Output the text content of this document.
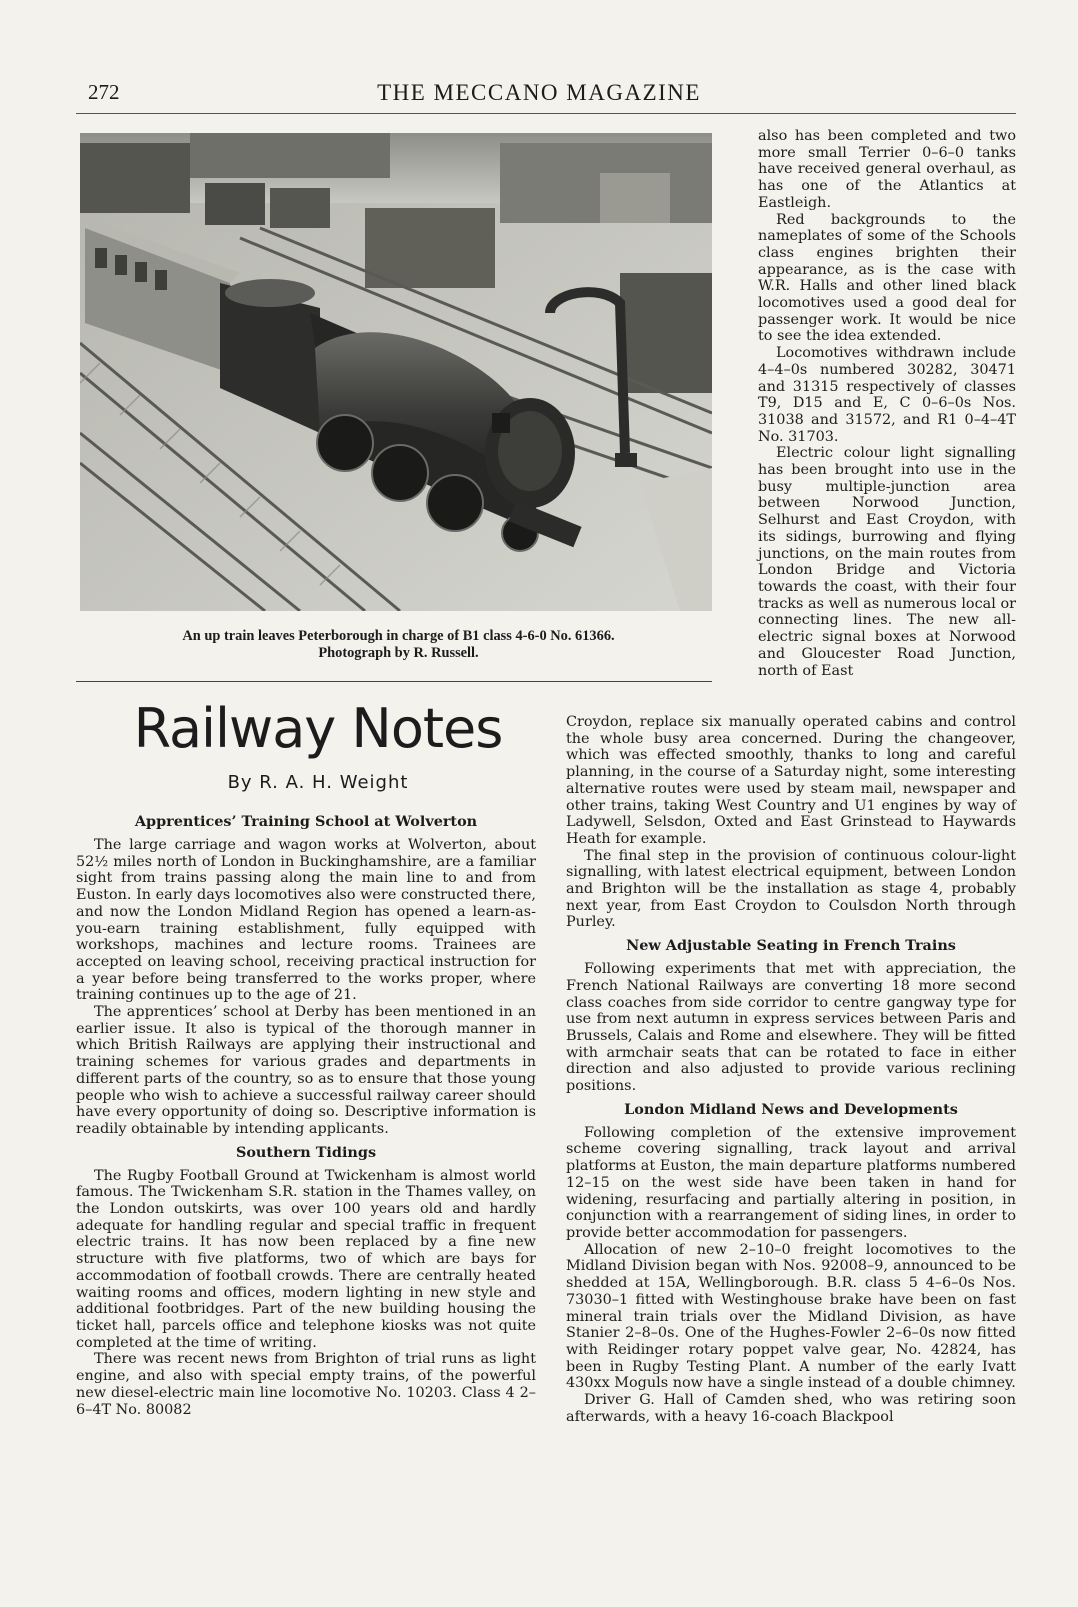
272	THE MECCANO MAGAZINE
An up train leaves Peterborough in charge of B1 class 4-6-0 No. 61366.
Photograph by R. Russell.
Railway Notes
By R. A. H. Weight

also has been completed and two more small Terrier 0–6–0 tanks have received general overhaul, as has one of the Atlantics at Eastleigh.

Red backgrounds to the nameplates of some of the Schools class engines brighten their appearance, as is the case with W.R. Halls and other lined black locomotives used a good deal for passenger work. It would be nice to see the idea extended.

Locomotives withdrawn include 4–4–0s numbered 30282, 30471 and 31315 respectively of classes T9, D15 and E, C 0–6–0s Nos. 31038 and 31572, and R1 0–4–4T No. 31703.

Electric colour light signalling has been brought into use in the busy multiple-junction area between Norwood Junction, Selhurst and East Croydon, with its sidings, burrowing and flying junctions, on the main routes from London Bridge and Victoria towards the coast, with their four tracks as well as numerous local or connecting lines. The new all-electric signal boxes at Norwood and Gloucester Road Junction, north of East

Croydon, replace six manually operated cabins and control the whole busy area concerned. During the changeover, which was effected smoothly, thanks to long and careful planning, in the course of a Saturday night, some interesting alternative routes were used by steam mail, newspaper and other trains, taking West Country and U1 engines by way of Ladywell, Selsdon, Oxted and East Grinstead to Haywards Heath for example.

The final step in the provision of continuous colour-light signalling, with latest electrical equipment, between London and Brighton will be the installation as stage 4, probably next year, from East Croydon to Coulsdon North through Purley.

New Adjustable Seating in French Trains

Following experiments that met with appreciation, the French National Railways are converting 18 more second class coaches from side corridor to centre gangway type for use from next autumn in express services between Paris and Brussels, Calais and Rome and elsewhere. They will be fitted with armchair seats that can be rotated to face in either direction and also adjusted to provide various reclining positions.

London Midland News and Developments

Following completion of the extensive improvement scheme covering signalling, track layout and arrival platforms at Euston, the main departure platforms numbered 12–15 on the west side have been taken in hand for widening, resurfacing and partially altering in position, in conjunction with a rearrangement of siding lines, in order to provide better accommodation for passengers.

Allocation of new 2–10–0 freight locomotives to the Midland Division began with Nos. 92008–9, announced to be shedded at 15A, Wellingborough. B.R. class 5 4–6–0s Nos. 73030–1 fitted with Westinghouse brake have been on fast mineral train trials over the Midland Division, as have Stanier 2–8–0s. One of the Hughes-Fowler 2–6–0s now fitted with Reidinger rotary poppet valve gear, No. 42824, has been in Rugby Testing Plant. A number of the early Ivatt 430xx Moguls now have a single instead of a double chimney.

Driver G. Hall of Camden shed, who was retiring soon afterwards, with a heavy 16-coach Blackpool

Apprentices’ Training School at Wolverton

The large carriage and wagon works at Wolverton, about 52½ miles north of London in Buckinghamshire, are a familiar sight from trains passing along the main line to and from Euston. In early days locomotives also were constructed there, and now the London Midland Region has opened a learn-as-you-earn training establishment, fully equipped with workshops, machines and lecture rooms. Trainees are accepted on leaving school, receiving practical instruction for a year before being transferred to the works proper, where training continues up to the age of 21.

The apprentices’ school at Derby has been mentioned in an earlier issue. It also is typical of the thorough manner in which British Railways are applying their instructional and training schemes for various grades and departments in different parts of the country, so as to ensure that those young people who wish to achieve a successful railway career should have every opportunity of doing so. Descriptive information is readily obtainable by intending applicants.

Southern Tidings

The Rugby Football Ground at Twickenham is almost world famous. The Twickenham S.R. station in the Thames valley, on the London outskirts, was over 100 years old and hardly adequate for handling regular and special traffic in frequent electric trains. It has now been replaced by a fine new structure with five platforms, two of which are bays for accommodation of football crowds. There are centrally heated waiting rooms and offices, modern lighting in new style and additional footbridges. Part of the new building housing the ticket hall, parcels office and telephone kiosks was not quite completed at the time of writing.

There was recent news from Brighton of trial runs as light engine, and also with special empty trains, of the powerful new diesel-electric main line locomotive No. 10203. Class 4 2–6–4T No. 80082
